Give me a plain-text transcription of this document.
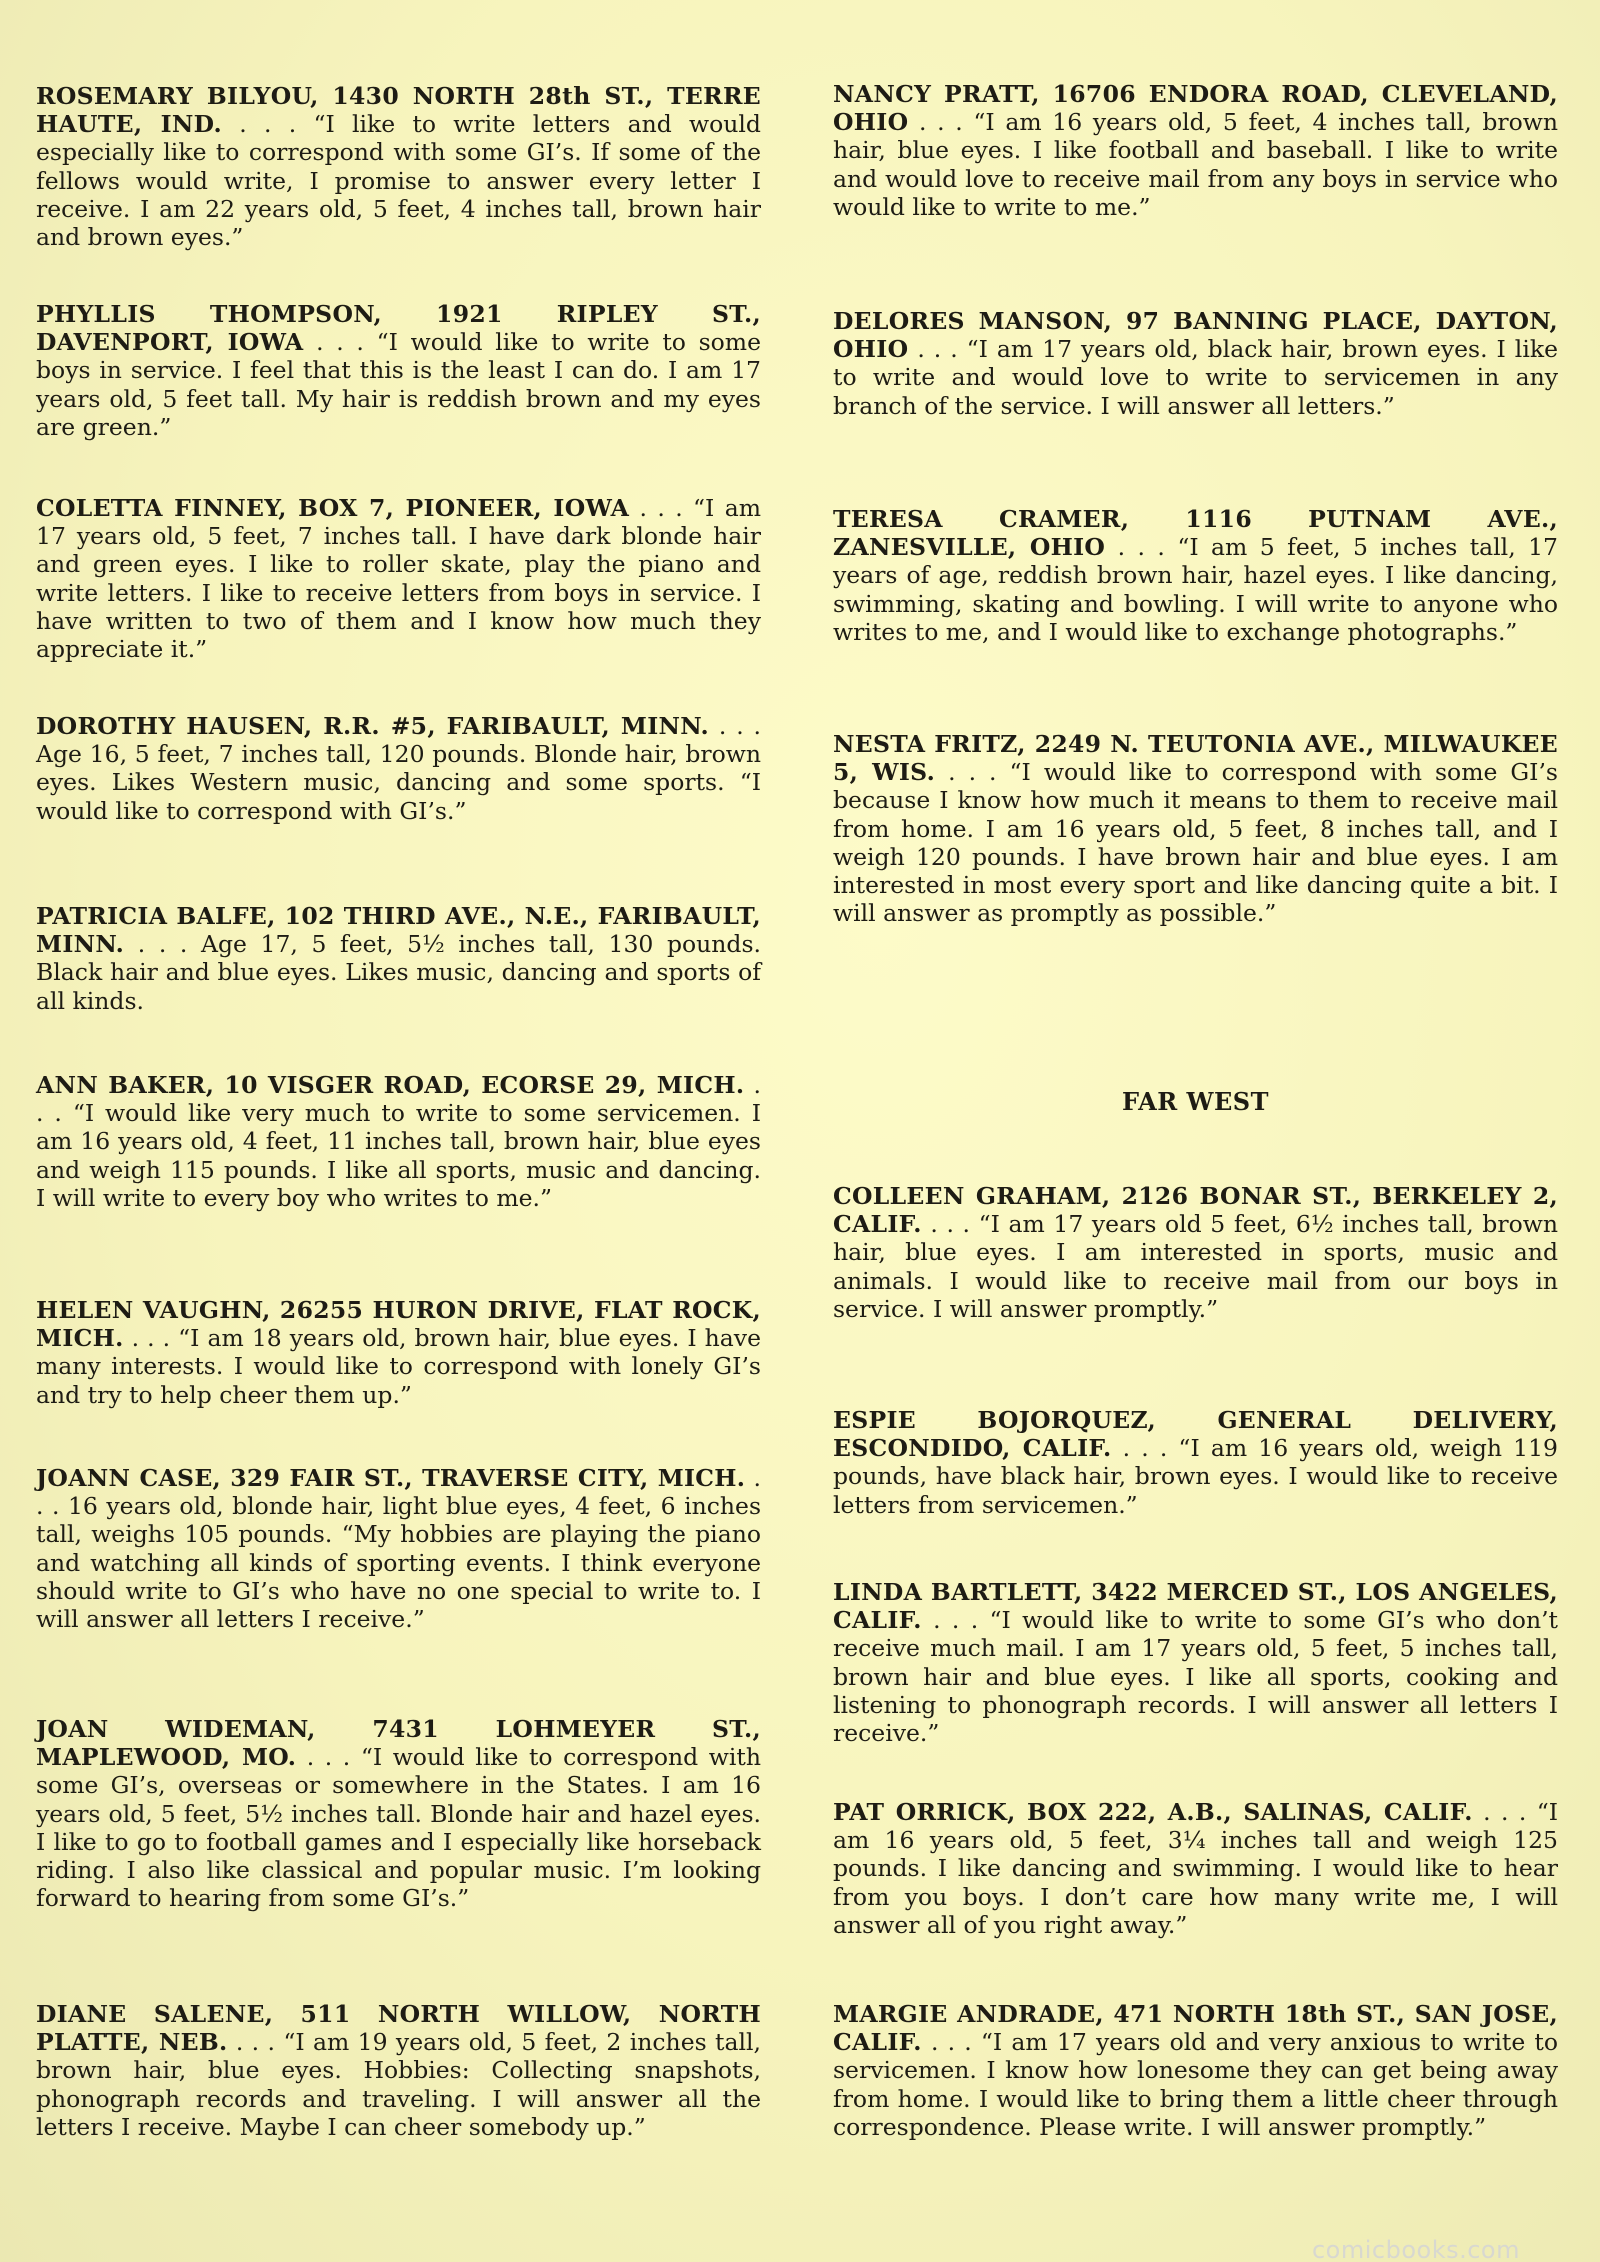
ROSEMARY BILYOU, 1430 NORTH 28th ST., TERRE HAUTE, IND. . . . “I like to write letters and would especially like to correspond with some GI’s. If some of the fellows would write, I promise to answer every letter I receive. I am 22 years old, 5 feet, 4 inches tall, brown hair and brown eyes.”

PHYLLIS THOMPSON, 1921 RIPLEY ST., DAVENPORT, IOWA . . . “I would like to write to some boys in service. I feel that this is the least I can do. I am 17 years old, 5 feet tall. My hair is reddish brown and my eyes are green.”

COLETTA FINNEY, BOX 7, PIONEER, IOWA . . . “I am 17 years old, 5 feet, 7 inches tall. I have dark blonde hair and green eyes. I like to roller skate, play the piano and write letters. I like to receive letters from boys in service. I have written to two of them and I know how much they appreciate it.”

DOROTHY HAUSEN, R.R. #5, FARIBAULT, MINN. . . . Age 16, 5 feet, 7 inches tall, 120 pounds. Blonde hair, brown eyes. Likes Western music, dancing and some sports. “I would like to correspond with GI’s.”

PATRICIA BALFE, 102 THIRD AVE., N.E., FARIBAULT, MINN. . . . Age 17, 5 feet, 5½ inches tall, 130 pounds. Black hair and blue eyes. Likes music, dancing and sports of all kinds.

ANN BAKER, 10 VISGER ROAD, ECORSE 29, MICH. . . . “I would like very much to write to some servicemen. I am 16 years old, 4 feet, 11 inches tall, brown hair, blue eyes and weigh 115 pounds. I like all sports, music and dancing. I will write to every boy who writes to me.”

HELEN VAUGHN, 26255 HURON DRIVE, FLAT ROCK, MICH. . . . “I am 18 years old, brown hair, blue eyes. I have many interests. I would like to correspond with lonely GI’s and try to help cheer them up.”

JOANN CASE, 329 FAIR ST., TRAVERSE CITY, MICH. . . . 16 years old, blonde hair, light blue eyes, 4 feet, 6 inches tall, weighs 105 pounds. “My hobbies are playing the piano and watching all kinds of sporting events. I think everyone should write to GI’s who have no one special to write to. I will answer all letters I receive.”

JOAN WIDEMAN, 7431 LOHMEYER ST., MAPLEWOOD, MO. . . . “I would like to correspond with some GI’s, overseas or somewhere in the States. I am 16 years old, 5 feet, 5½ inches tall. Blonde hair and hazel eyes. I like to go to football games and I especially like horseback riding. I also like classical and popular music. I’m looking forward to hearing from some GI’s.”

DIANE SALENE, 511 NORTH WILLOW, NORTH PLATTE, NEB. . . . “I am 19 years old, 5 feet, 2 inches tall, brown hair, blue eyes. Hobbies: Collecting snapshots, phonograph records and traveling. I will answer all the letters I receive. Maybe I can cheer somebody up.”

NANCY PRATT, 16706 ENDORA ROAD, CLEVELAND, OHIO . . . “I am 16 years old, 5 feet, 4 inches tall, brown hair, blue eyes. I like football and baseball. I like to write and would love to receive mail from any boys in service who would like to write to me.”

DELORES MANSON, 97 BANNING PLACE, DAYTON, OHIO . . . “I am 17 years old, black hair, brown eyes. I like to write and would love to write to servicemen in any branch of the service. I will answer all letters.”

TERESA CRAMER, 1116 PUTNAM AVE., ZANESVILLE, OHIO . . . “I am 5 feet, 5 inches tall, 17 years of age, reddish brown hair, hazel eyes. I like dancing, swimming, skating and bowling. I will write to anyone who writes to me, and I would like to exchange photographs.”

NESTA FRITZ, 2249 N. TEUTONIA AVE., MILWAUKEE 5, WIS. . . . “I would like to correspond with some GI’s because I know how much it means to them to receive mail from home. I am 16 years old, 5 feet, 8 inches tall, and I weigh 120 pounds. I have brown hair and blue eyes. I am interested in most every sport and like dancing quite a bit. I will answer as promptly as possible.”

FAR WEST

COLLEEN GRAHAM, 2126 BONAR ST., BERKELEY 2, CALIF. . . . “I am 17 years old 5 feet, 6½ inches tall, brown hair, blue eyes. I am interested in sports, music and animals. I would like to receive mail from our boys in service. I will answer promptly.”

ESPIE BOJORQUEZ, GENERAL DELIVERY, ESCONDIDO, CALIF. . . . “I am 16 years old, weigh 119 pounds, have black hair, brown eyes. I would like to receive letters from servicemen.”

LINDA BARTLETT, 3422 MERCED ST., LOS ANGELES, CALIF. . . . “I would like to write to some GI’s who don’t receive much mail. I am 17 years old, 5 feet, 5 inches tall, brown hair and blue eyes. I like all sports, cooking and listening to phonograph records. I will answer all letters I receive.”

PAT ORRICK, BOX 222, A.B., SALINAS, CALIF. . . . “I am 16 years old, 5 feet, 3¼ inches tall and weigh 125 pounds. I like dancing and swimming. I would like to hear from you boys. I don’t care how many write me, I will answer all of you right away.”

MARGIE ANDRADE, 471 NORTH 18th ST., SAN JOSE, CALIF. . . . “I am 17 years old and very anxious to write to servicemen. I know how lonesome they can get being away from home. I would like to bring them a little cheer through correspondence. Please write. I will answer promptly.”

comicbooks.com
